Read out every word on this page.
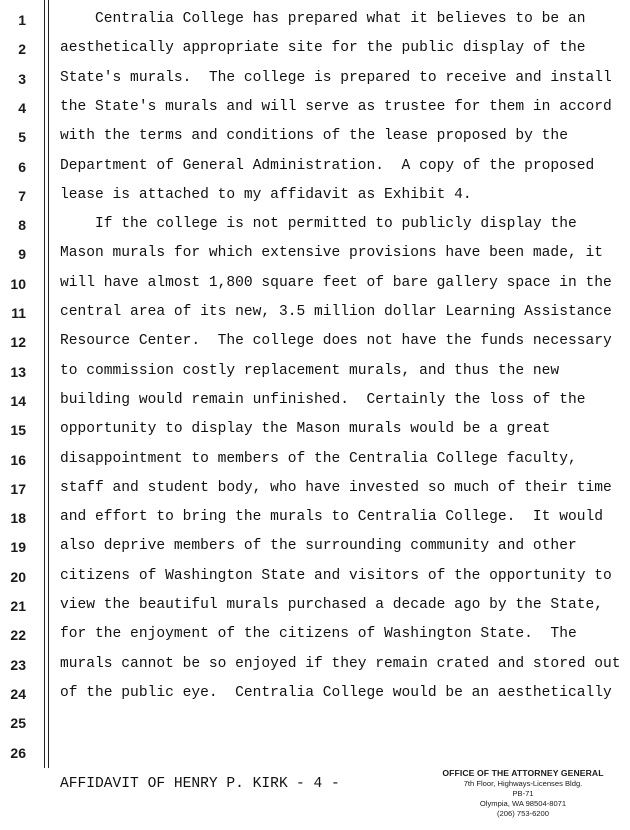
1
2
3
4
5
6
7
8
9
10
11
12
13
14
15
16
17
18
19
20
21
22
23
24
25
26
Centralia College has prepared what it believes to be an
aesthetically appropriate site for the public display of the
State's murals.  The college is prepared to receive and install
the State's murals and will serve as trustee for them in accord
with the terms and conditions of the lease proposed by the
Department of General Administration.  A copy of the proposed
lease is attached to my affidavit as Exhibit 4.
If the college is not permitted to publicly display the
Mason murals for which extensive provisions have been made, it
will have almost 1,800 square feet of bare gallery space in the
central area of its new, 3.5 million dollar Learning Assistance
Resource Center.  The college does not have the funds necessary
to commission costly replacement murals, and thus the new
building would remain unfinished.  Certainly the loss of the
opportunity to display the Mason murals would be a great
disappointment to members of the Centralia College faculty,
staff and student body, who have invested so much of their time
and effort to bring the murals to Centralia College.  It would
also deprive members of the surrounding community and other
citizens of Washington State and visitors of the opportunity to
view the beautiful murals purchased a decade ago by the State,
for the enjoyment of the citizens of Washington State.  The
murals cannot be so enjoyed if they remain crated and stored out
of the public eye.  Centralia College would be an aesthetically
AFFIDAVIT OF HENRY P. KIRK - 4 -
OFFICE OF THE ATTORNEY GENERAL
7th Floor, Highways-Licenses Bldg.
PB-71
Olympia, WA 98504-8071
(206) 753-6200
